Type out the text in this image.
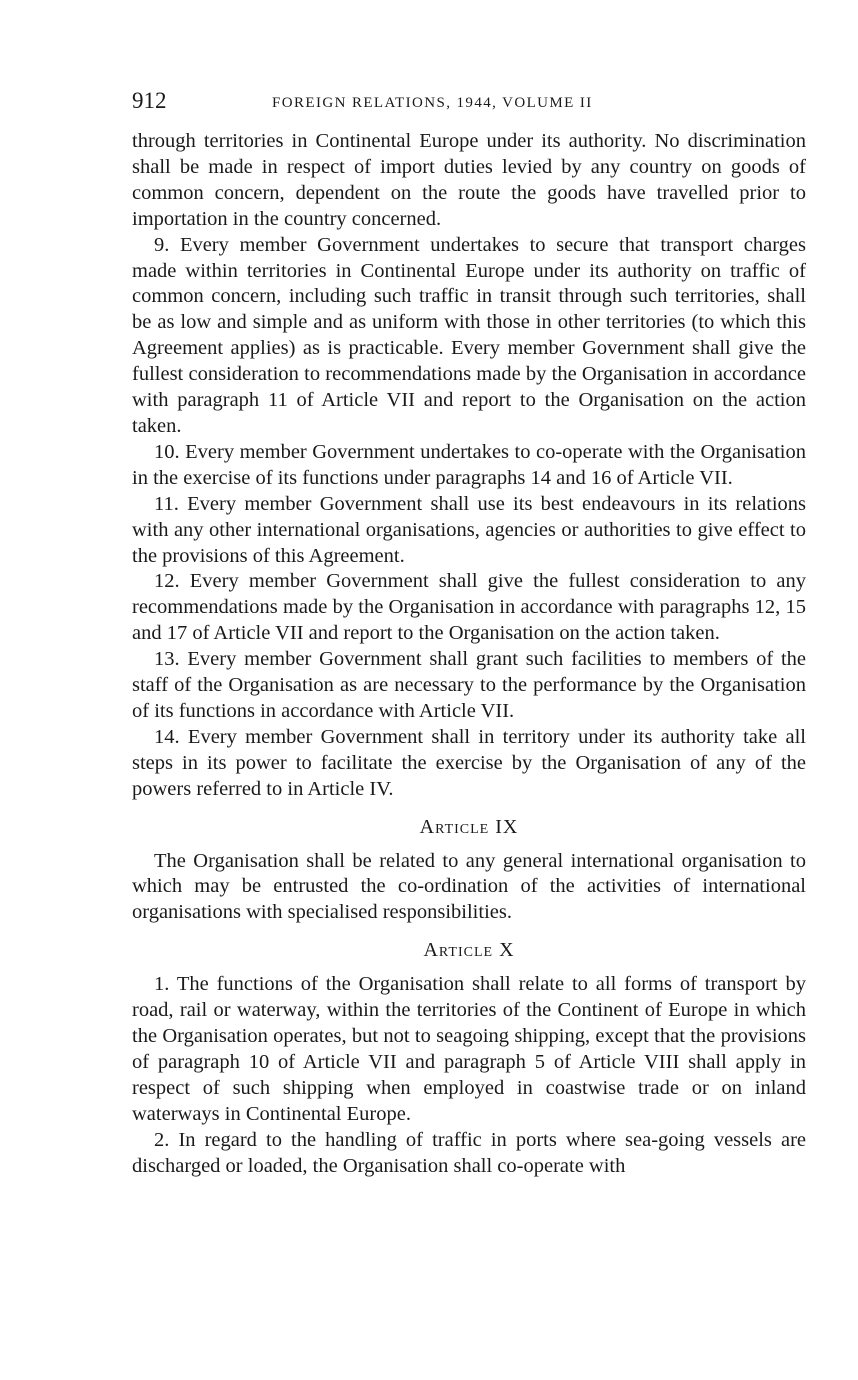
912	FOREIGN RELATIONS, 1944, VOLUME II

through territories in Continental Europe under its authority. No discrimination shall be made in respect of import duties levied by any country on goods of common concern, dependent on the route the goods have travelled prior to importation in the country concerned.

9. Every member Government undertakes to secure that transport charges made within territories in Continental Europe under its authority on traffic of common concern, including such traffic in transit through such territories, shall be as low and simple and as uniform with those in other territories (to which this Agreement applies) as is practicable. Every member Government shall give the fullest consideration to recommendations made by the Organisation in accordance with paragraph 11 of Article VII and report to the Organisation on the action taken.

10. Every member Government undertakes to co-operate with the Organisation in the exercise of its functions under paragraphs 14 and 16 of Article VII.

11. Every member Government shall use its best endeavours in its relations with any other international organisations, agencies or authorities to give effect to the provisions of this Agreement.

12. Every member Government shall give the fullest consideration to any recommendations made by the Organisation in accordance with paragraphs 12, 15 and 17 of Article VII and report to the Organisation on the action taken.

13. Every member Government shall grant such facilities to members of the staff of the Organisation as are necessary to the performance by the Organisation of its functions in accordance with Article VII.

14. Every member Government shall in territory under its authority take all steps in its power to facilitate the exercise by the Organisation of any of the powers referred to in Article IV.

Article IX

The Organisation shall be related to any general international organisation to which may be entrusted the co-ordination of the activities of international organisations with specialised responsibilities.

Article X

1. The functions of the Organisation shall relate to all forms of transport by road, rail or waterway, within the territories of the Continent of Europe in which the Organisation operates, but not to seagoing shipping, except that the provisions of paragraph 10 of Article VII and paragraph 5 of Article VIII shall apply in respect of such shipping when employed in coastwise trade or on inland waterways in Continental Europe.

2. In regard to the handling of traffic in ports where sea-going vessels are discharged or loaded, the Organisation shall co-operate with
